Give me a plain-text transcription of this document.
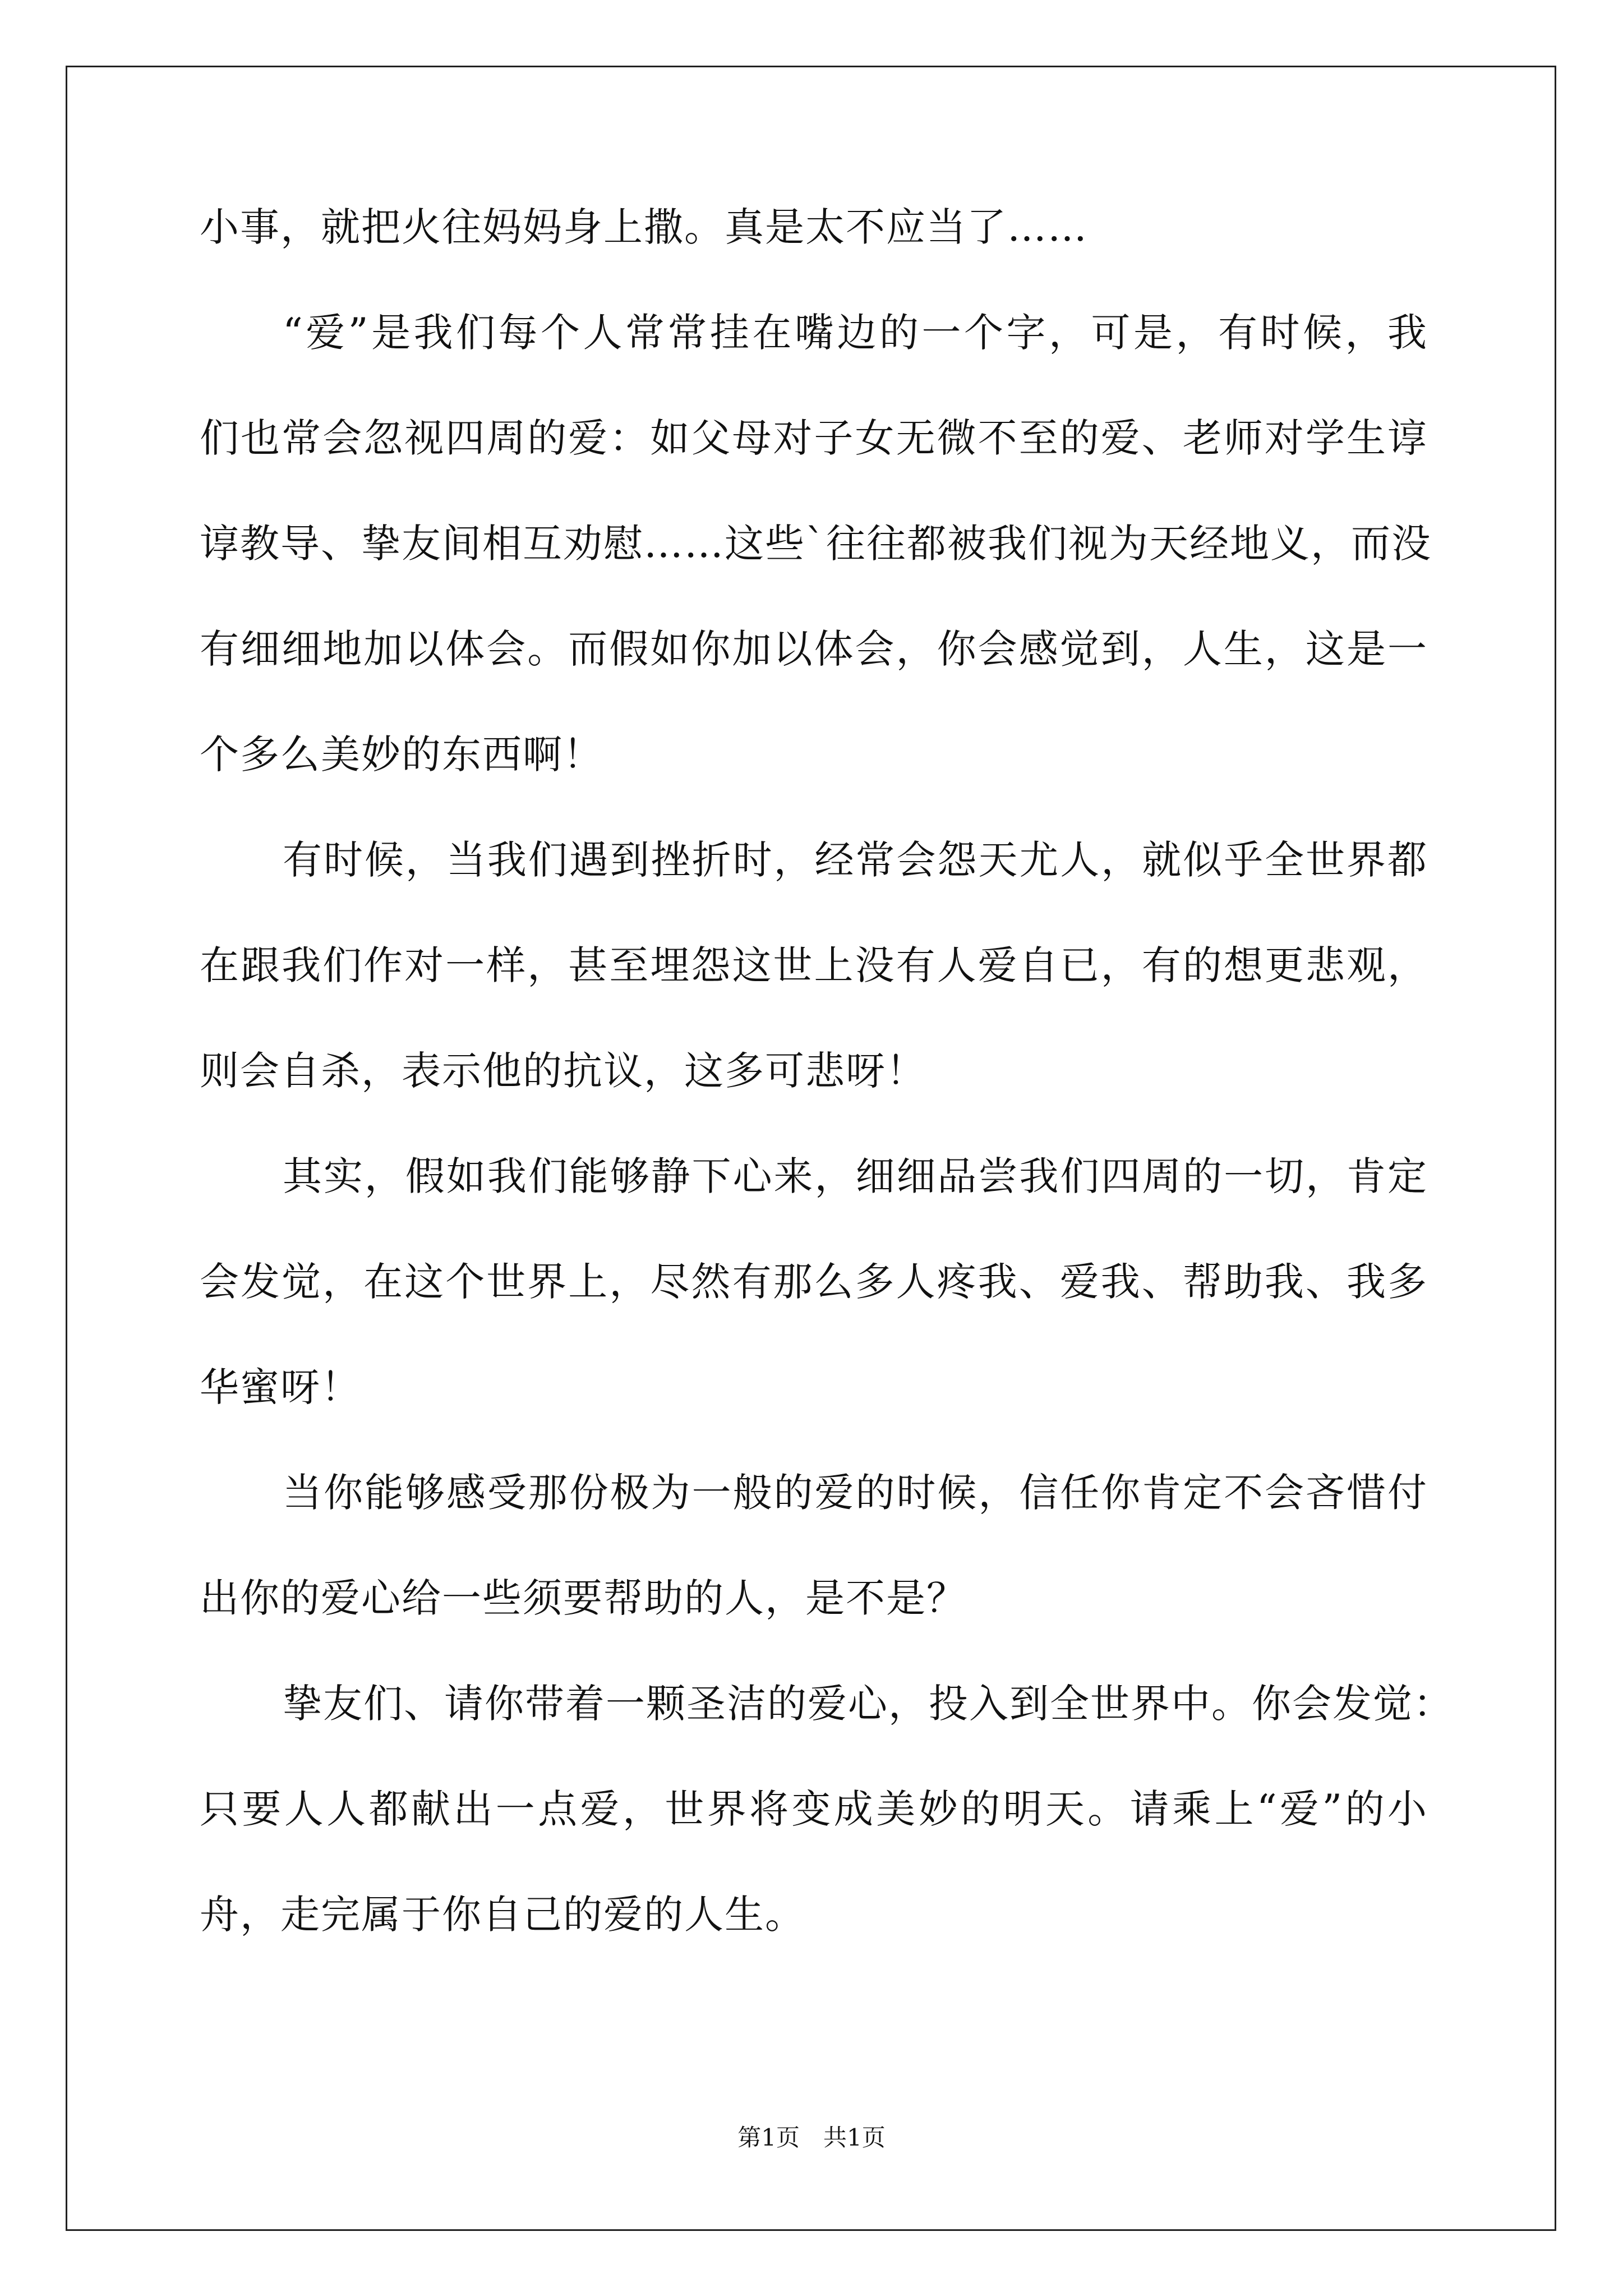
小事，就把火往妈妈身上撒。真是太不应当了……
“爱”是我们每个人常常挂在嘴边的一个字，可是，有时候，我
们也常会忽视四周的爱：如父母对子女无微不至的爱、老师对学生谆
谆教导、挚友间相互劝慰……这些`往往都被我们视为天经地义，而没
有细细地加以体会。而假如你加以体会，你会感觉到，人生，这是一
个多么美妙的东西啊！
有时候，当我们遇到挫折时，经常会怨天尤人，就似乎全世界都
在跟我们作对一样，甚至埋怨这世上没有人爱自已，有的想更悲观，
则会自杀，表示他的抗议，这多可悲呀！
其实，假如我们能够静下心来，细细品尝我们四周的一切，肯定
会发觉，在这个世界上，尽然有那么多人疼我、爱我、帮助我、我多
华蜜呀！
当你能够感受那份极为一般的爱的时候，信任你肯定不会吝惜付
出你的爱心给一些须要帮助的人，是不是？
挚友们、请你带着一颗圣洁的爱心，投入到全世界中。你会发觉：
只要人人都献出一点爱，世界将变成美妙的明天。请乘上“爱”的小
舟，走完属于你自己的爱的人生。
第1页　共1页
